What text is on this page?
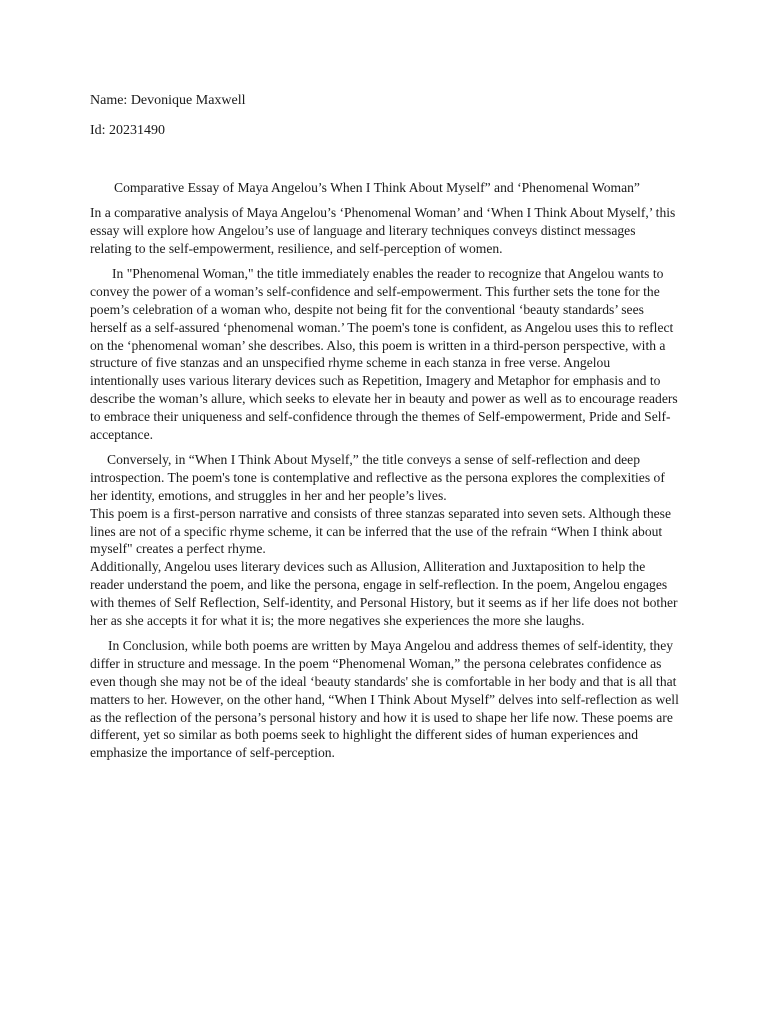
Name: Devonique Maxwell

Id: 20231490

Comparative Essay of Maya Angelou’s When I Think About Myself” and ‘Phenomenal Woman”

In a comparative analysis of Maya Angelou’s ‘Phenomenal Woman’ and ‘When I Think About Myself,’ this essay will explore how Angelou’s use of language and literary techniques conveys distinct messages relating to the self-empowerment, resilience, and self-perception of women.

In "Phenomenal Woman," the title immediately enables the reader to recognize that Angelou wants to convey the power of a woman’s self-confidence and self-empowerment. This further sets the tone for the poem’s celebration of a woman who, despite not being fit for the conventional ‘beauty standards’ sees herself as a self-assured ‘phenomenal woman.’ The poem's tone is confident, as Angelou uses this to reflect on the ‘phenomenal woman’ she describes. Also, this poem is written in a third-person perspective, with a structure of five stanzas and an unspecified rhyme scheme in each stanza in free verse. Angelou intentionally uses various literary devices such as Repetition, Imagery and Metaphor for emphasis and to describe the woman’s allure, which seeks to elevate her in beauty and power as well as to encourage readers to embrace their uniqueness and self-confidence through the themes of Self-empowerment, Pride and Self-acceptance.

Conversely, in “When I Think About Myself,” the title conveys a sense of self-reflection and deep introspection. The poem's tone is contemplative and reflective as the persona explores the complexities of her identity, emotions, and struggles in her and her people’s lives.

This poem is a first-person narrative and consists of three stanzas separated into seven sets. Although these lines are not of a specific rhyme scheme, it can be inferred that the use of the refrain “When I think about myself" creates a perfect rhyme.

Additionally, Angelou uses literary devices such as Allusion, Alliteration and Juxtaposition to help the reader understand the poem, and like the persona, engage in self-reflection. In the poem, Angelou engages with themes of Self Reflection, Self-identity, and Personal History, but it seems as if her life does not bother her as she accepts it for what it is; the more negatives she experiences the more she laughs.

In Conclusion, while both poems are written by Maya Angelou and address themes of self-identity, they differ in structure and message. In the poem “Phenomenal Woman,” the persona celebrates confidence as even though she may not be of the ideal ‘beauty standards' she is comfortable in her body and that is all that matters to her. However, on the other hand, “When I Think About Myself” delves into self-reflection as well as the reflection of the persona’s personal history and how it is used to shape her life now. These poems are different, yet so similar as both poems seek to highlight the different sides of human experiences and emphasize the importance of self-perception.
